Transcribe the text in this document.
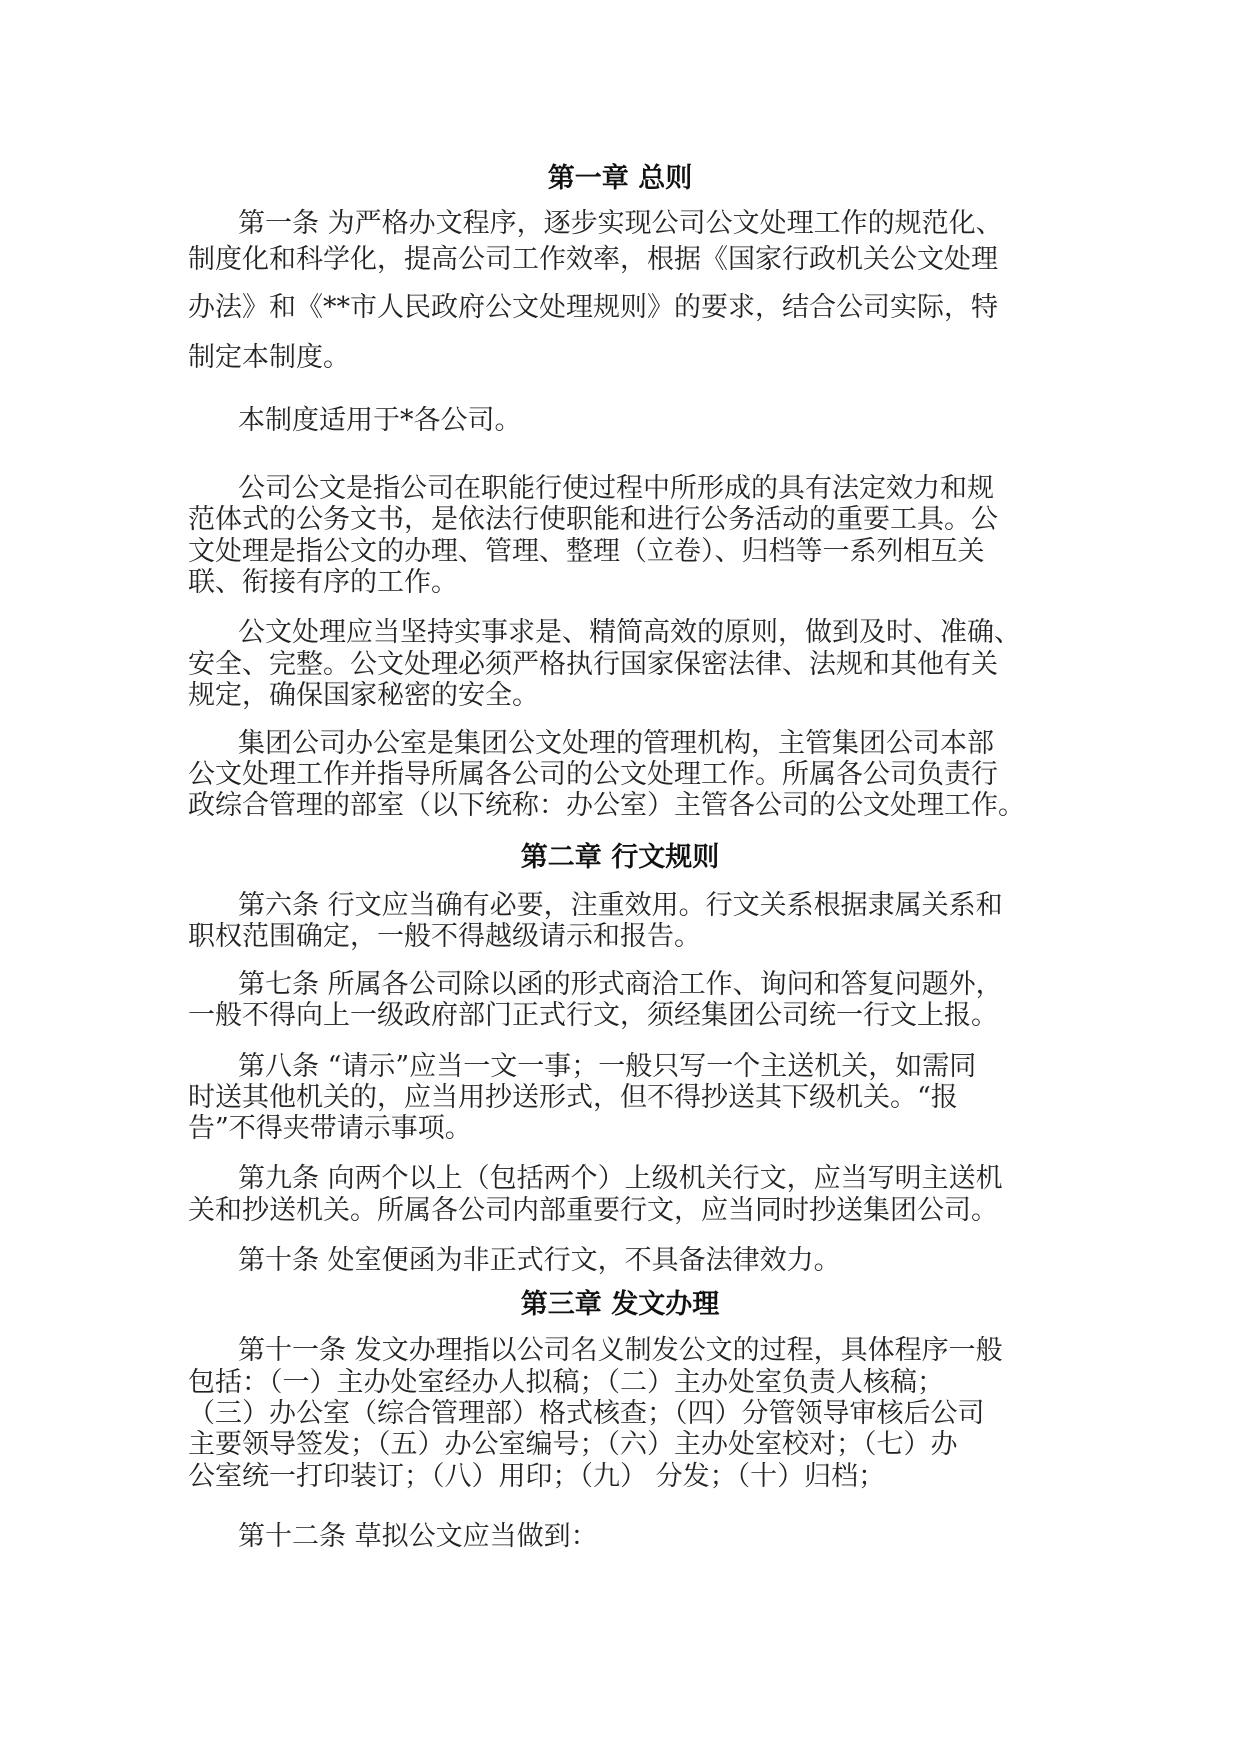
第一章 总则
第一条 为严格办文程序，逐步实现公司公文处理工作的规范化、
制度化和科学化，提高公司工作效率，根据《国家行政机关公文处理
办法》和《**市人民政府公文处理规则》的要求，结合公司实际，特
制定本制度。
本制度适用于*各公司。
公司公文是指公司在职能行使过程中所形成的具有法定效力和规
范体式的公务文书，是依法行使职能和进行公务活动的重要工具。公
文处理是指公文的办理、管理、整理（立卷）、归档等一系列相互关
联、衔接有序的工作。
公文处理应当坚持实事求是、精简高效的原则，做到及时、准确、
安全、完整。公文处理必须严格执行国家保密法律、法规和其他有关
规定，确保国家秘密的安全。
集团公司办公室是集团公文处理的管理机构，主管集团公司本部
公文处理工作并指导所属各公司的公文处理工作。所属各公司负责行
政综合管理的部室（以下统称：办公室）主管各公司的公文处理工作。
第二章 行文规则
第六条 行文应当确有必要，注重效用。行文关系根据隶属关系和
职权范围确定，一般不得越级请示和报告。
第七条 所属各公司除以函的形式商洽工作、询问和答复问题外，
一般不得向上一级政府部门正式行文，须经集团公司统一行文上报。
第八条 “请示”应当一文一事；一般只写一个主送机关，如需同
时送其他机关的，应当用抄送形式，但不得抄送其下级机关。“报
告”不得夹带请示事项。
第九条 向两个以上（包括两个）上级机关行文，应当写明主送机
关和抄送机关。所属各公司内部重要行文，应当同时抄送集团公司。
第十条 处室便函为非正式行文，不具备法律效力。
第三章 发文办理
第十一条 发文办理指以公司名义制发公文的过程，具体程序一般
包括：（一）主办处室经办人拟稿；（二）主办处室负责人核稿；
（三）办公室（综合管理部）格式核查；（四）分管领导审核后公司
主要领导签发；（五）办公室编号；（六）主办处室校对；（七）办
公室统一打印装订；（八）用印；（九） 分发；（十）归档；
第十二条 草拟公文应当做到：
